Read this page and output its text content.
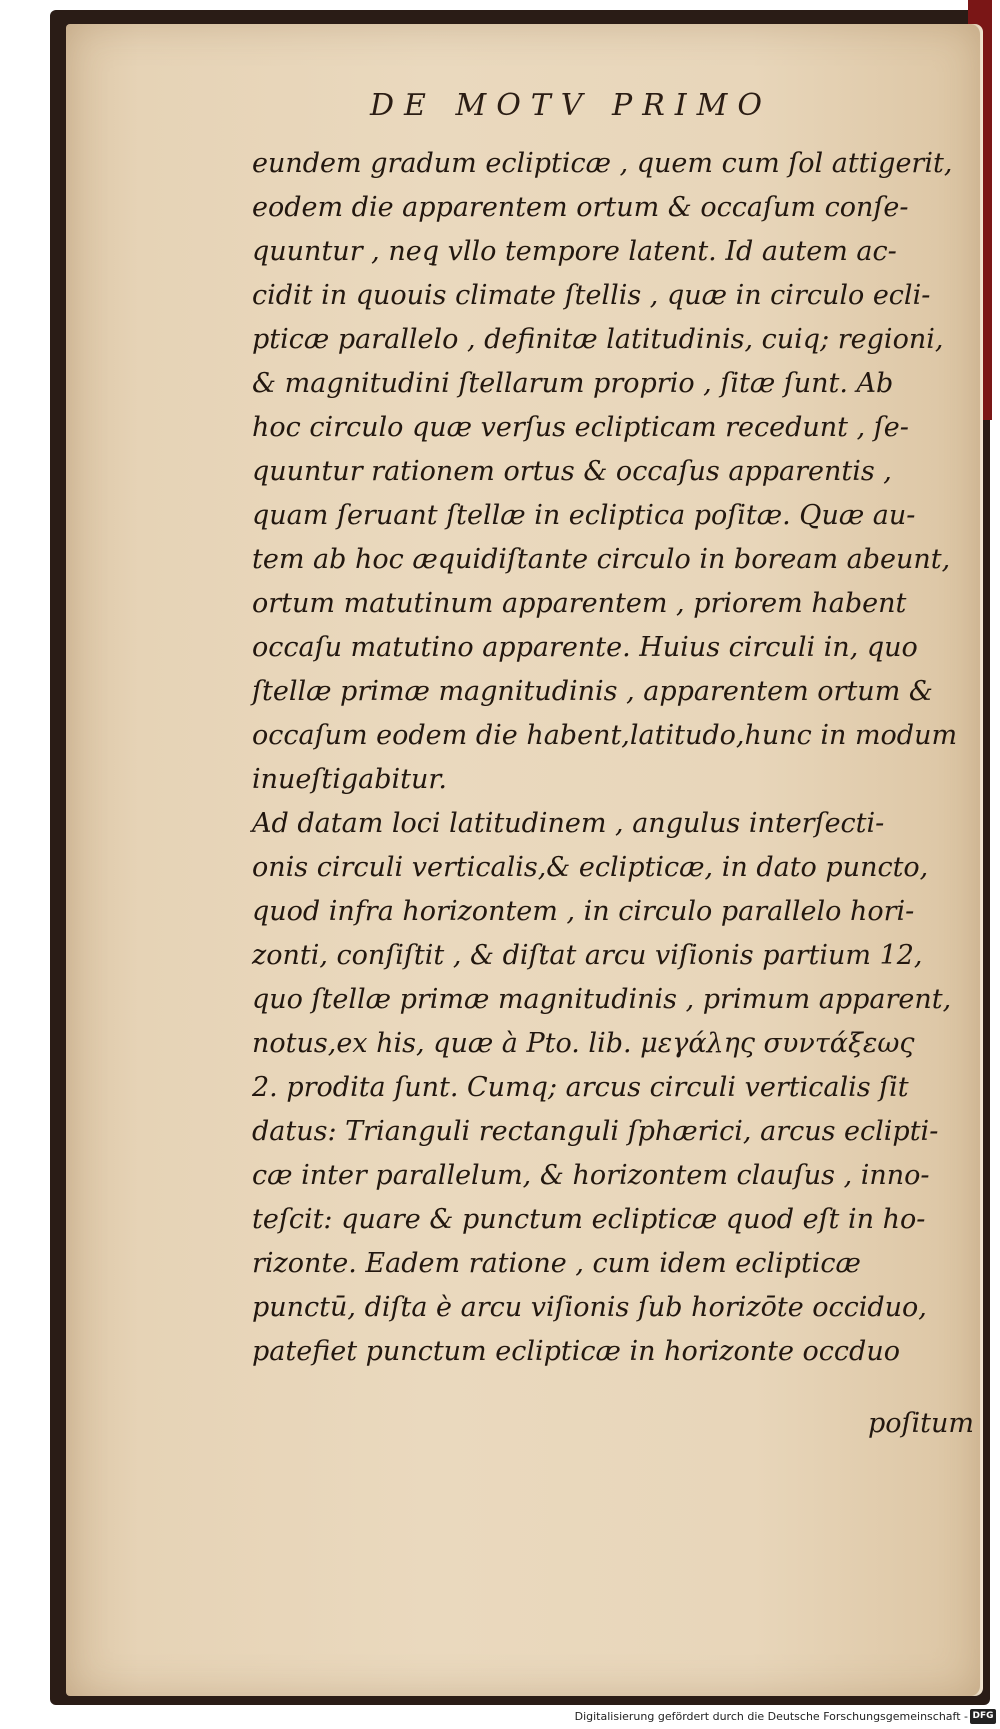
DE MOTV PRIMO
eundem gradum eclipticæ , quem cum ſol attigerit,
eodem die apparentem ortum & occaſum conſe-
quuntur , neq̧ vllo tempore latent. Id autem ac-
cidit in quouis climate ſtellis , quæ in circulo ecli-
pticæ parallelo , definitæ latitudinis, cuiq; regioni,
& magnitudini ſtellarum proprio , ſitæ ſunt. Ab
hoc circulo quæ verſus eclipticam recedunt , ſe-
quuntur rationem ortus & occaſus apparentis ,
quam ſeruant ſtellæ in ecliptica poſitæ. Quæ au-
tem ab hoc æquidiſtante circulo in boream abeunt,
ortum matutinum apparentem , priorem habent
occaſu matutino apparente. Huius circuli in, quo
ſtellæ primæ magnitudinis , apparentem ortum &
occaſum eodem die habent,latitudo,hunc in modum
inueſtigabitur.
Ad datam loci latitudinem , angulus interſecti-
onis circuli verticalis,& eclipticæ, in dato puncto,
quod infra horizontem , in circulo parallelo hori-
zonti, conſiſtit , & diſtat arcu viſionis partium 12,
quo ſtellæ primæ magnitudinis , primum apparent,
notus,ex his, quæ à Pto. lib. μεγάλης συντάξεως
2. prodita ſunt. Cumq; arcus circuli verticalis ſit
datus: Trianguli rectanguli ſphærici, arcus eclipti-
cæ inter parallelum, & horizontem clauſus , inno-
teſcit: quare & punctum eclipticæ quod eſt in ho-
rizonte. Eadem ratione , cum idem eclipticæ
punctū, diſta è arcu viſionis ſub horizōte occiduo,
patefiet punctum eclipticæ in horizonte occduo
poſitum
Digitalisierung gefördert durch die Deutsche Forschungsgemeinschaft - DFG
